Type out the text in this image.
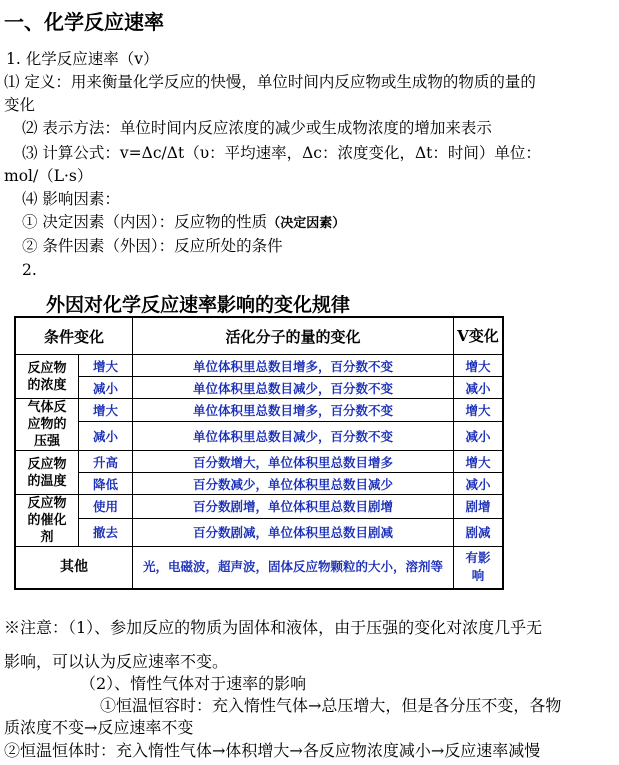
一、化学反应速率
1. 化学反应速率（v）
⑴ 定义：用来衡量化学反应的快慢，单位时间内反应物或生成物的物质的量的
变化
⑵ 表示方法：单位时间内反应浓度的减少或生成物浓度的增加来表示
⑶ 计算公式：v=Δc/Δt（υ：平均速率，Δc：浓度变化，Δt：时间）单位：
mol/（L·s）
⑷ 影响因素：
① 决定因素（内因）：反应物的性质（决定因素）
② 条件因素（外因）：反应所处的条件
2.
外因对化学反应速率影响的变化规律
条件变化		活化分子的量的变化	V变化

反应物的浓度	增大	单位体积里总数目增多，百分数不变	增大
	减小	单位体积里总数目减少，百分数不变	减小

气体反应物的压强	增大	单位体积里总数目增多，百分数不变	增大
	减小	单位体积里总数目减少，百分数不变	减小

反应物的温度	升高	百分数增大，单位体积里总数目增多	增大
	降低	百分数减少，单位体积里总数目减少	减小

反应物的催化剂	使用	百分数剧增，单位体积里总数目剧增	剧增
	撤去	百分数剧减，单位体积里总数目剧减	剧减
其他		光，电磁波，超声波，固体反应物颗粒的大小，溶剂等	有影响
※注意：（1）、参加反应的物质为固体和液体，由于压强的变化对浓度几乎无
影响，可以认为反应速率不变。
（2）、惰性气体对于速率的影响
①恒温恒容时：充入惰性气体→总压增大，但是各分压不变，各物
质浓度不变→反应速率不变
②恒温恒体时：充入惰性气体→体积增大→各反应物浓度减小→反应速率减慢
